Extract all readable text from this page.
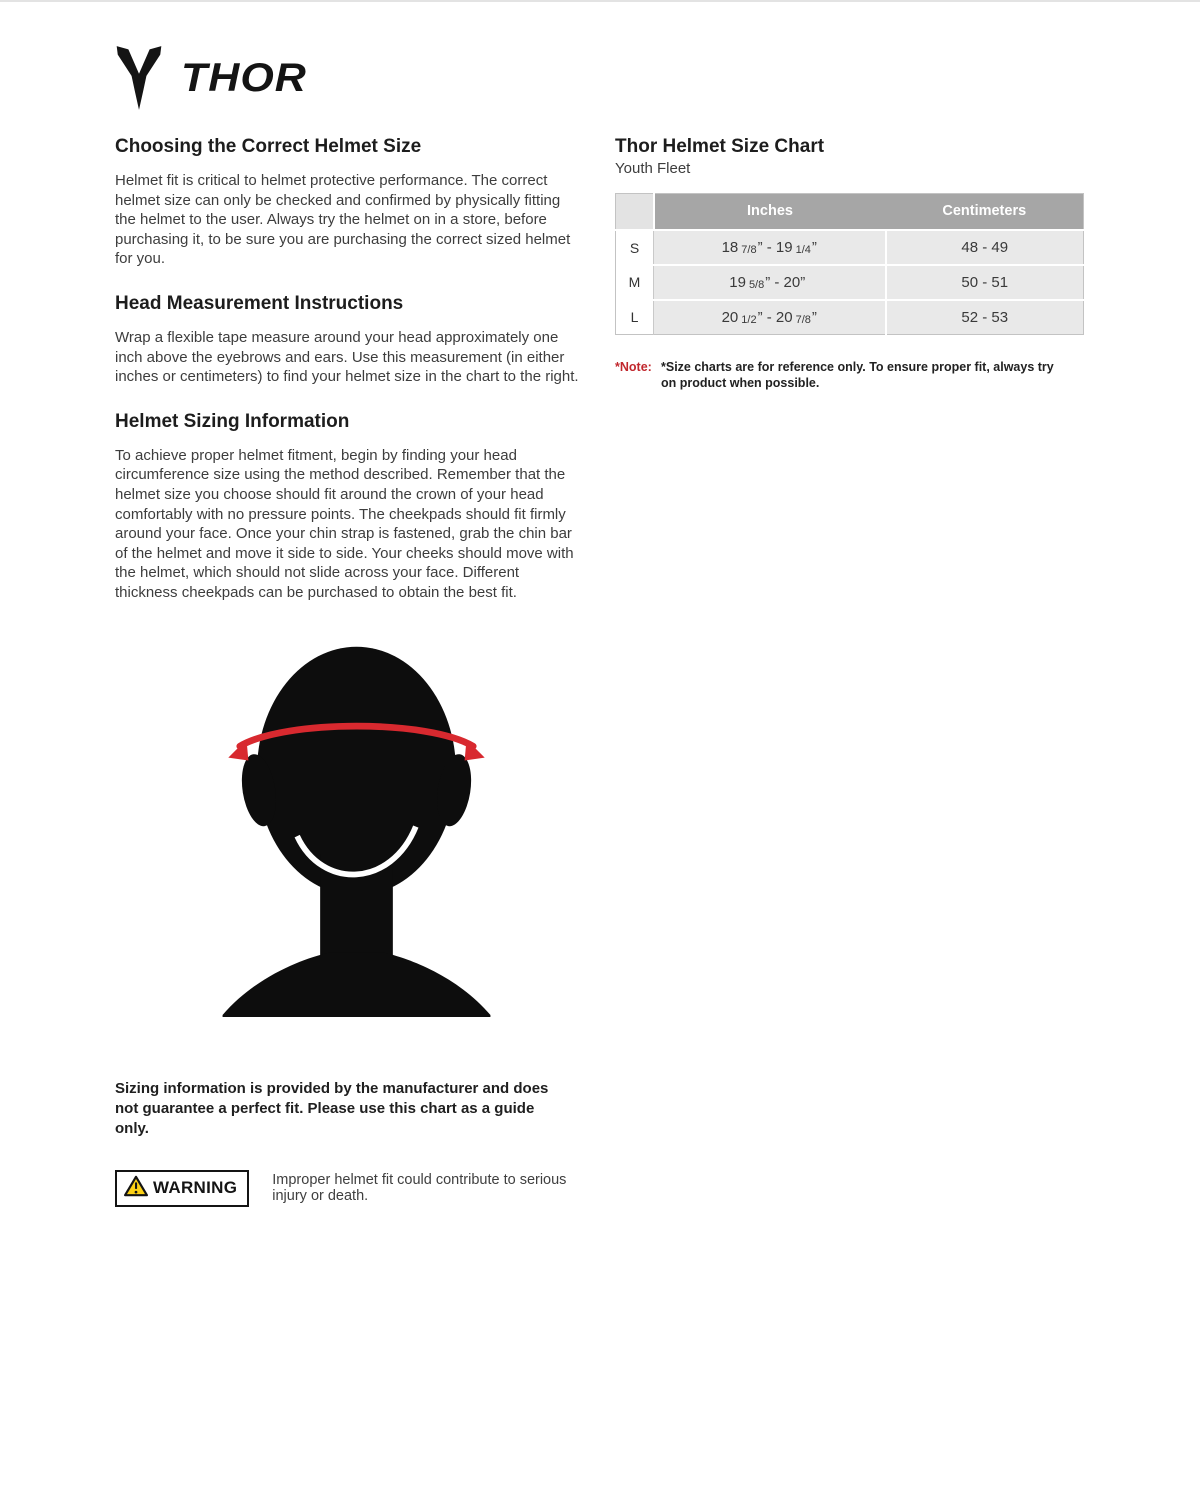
THOR
Choosing the Correct Helmet Size

Helmet fit is critical to helmet protective performance. The correct helmet size can only be checked and confirmed by physically fitting the helmet to the user. Always try the helmet on in a store, before purchasing it, to be sure you are purchasing the correct sized helmet for you.

Head Measurement Instructions

Wrap a flexible tape measure around your head approximately one inch above the eyebrows and ears. Use this measurement (in either inches or centimeters) to find your helmet size in the chart to the right.

Helmet Sizing Information

To achieve proper helmet fitment, begin by finding your head circumference size using the method described. Remember that the helmet size you choose should fit around the crown of your head comfortably with no pressure points. The cheekpads should fit firmly around your face. Once your chin strap is fastened, grab the chin bar of the helmet and move it side to side. Your cheeks should move with the helmet, which should not slide across your face. Different thickness cheekpads can be purchased to obtain the best fit.

Sizing information is provided by the manufacturer and does not guarantee a perfect fit. Please use this chart as a guide only.

WARNING Improper helmet fit could contribute to serious injury or death.
Thor Helmet Size Chart
Youth Fleet
	Inches	Centimeters
S	18 7/8” - 19 1/4”	48 - 49
M	19 5/8” - 20”	50 - 51
L	20 1/2” - 20 7/8”	52 - 53
*Note: *Size charts are for reference only. To ensure proper fit, always try on product when possible.
